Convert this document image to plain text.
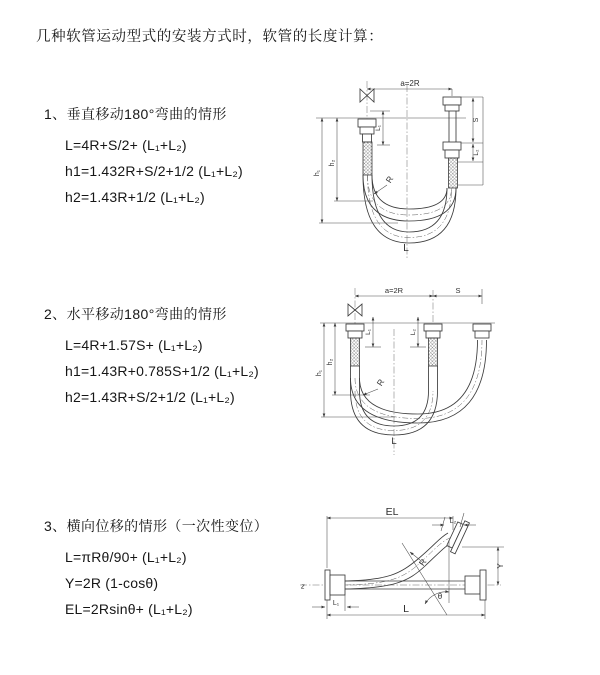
几种软管运动型式的安装方式时，软管的长度计算：
1、垂直移动180°弯曲的情形
L=4R+S/2+ (L₁+L₂)
h1=1.432R+S/2+1/2 (L₁+L₂)
h2=1.43R+1/2 (L₁+L₂)
2、水平移动180°弯曲的情形
L=4R+1.57S+ (L₁+L₂)
h1=1.43R+0.785S+1/2 (L₁+L₂)
h2=1.43R+S/2+1/2 (L₁+L₂)
3、横向位移的情形（一次性变位）
L=πRθ/90+ (L₁+L₂)
Y=2R (1-cosθ)
EL=2Rsinθ+ (L₁+L₂)
a=2R
h₁
h₂
L₁
S
L₂
R
L
a=2R	S
h₁
h₂
L₁	L₂
R
L
z
EL
L₂
Y
R
θ
L
L₁
